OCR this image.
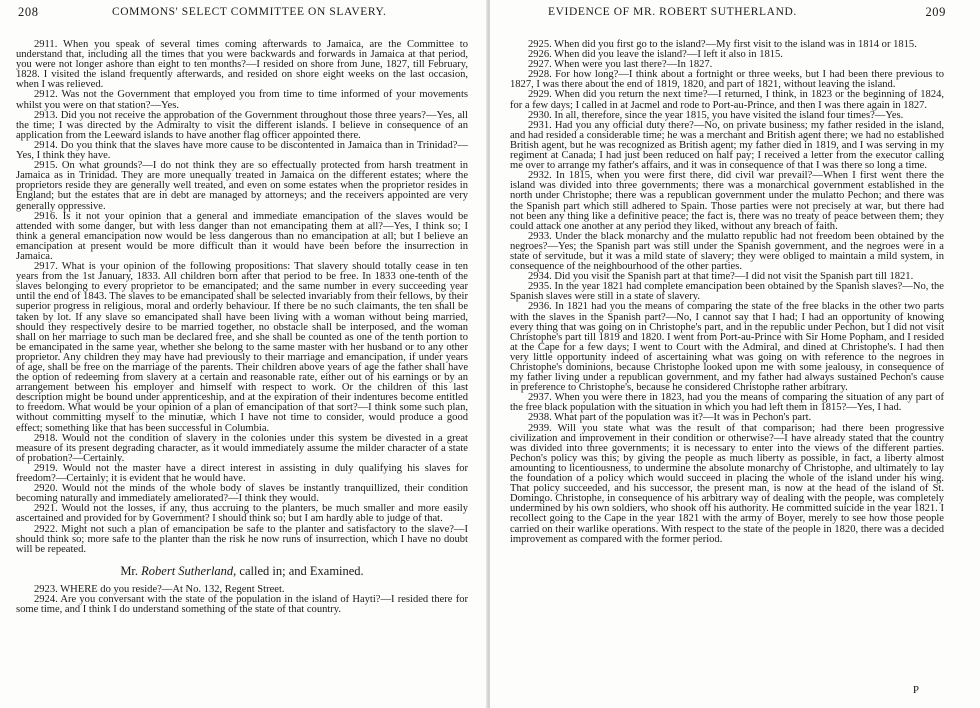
208	COMMONS' SELECT COMMITTEE ON SLAVERY.

2911. When you speak of several times coming afterwards to Jamaica, are the Committee to understand that, including all the times that you were backwards and forwards in Jamaica at that period, you were not longer ashore than eight to ten months?—I resided on shore from June, 1827, till February, 1828. I visited the island frequently afterwards, and resided on shore eight weeks on the last occasion, when I was relieved.

2912. Was not the Government that employed you from time to time informed of your movements whilst you were on that station?—Yes.

2913. Did you not receive the approbation of the Government throughout those three years?—Yes, all the time; I was directed by the Admiralty to visit the different islands. I believe in consequence of an application from the Leeward islands to have another flag officer appointed there.

2914. Do you think that the slaves have more cause to be discontented in Jamaica than in Trinidad?—Yes, I think they have.

2915. On what grounds?—I do not think they are so effectually protected from harsh treatment in Jamaica as in Trinidad. They are more unequally treated in Jamaica on the different estates; where the proprietors reside they are generally well treated, and even on some estates when the proprietor resides in England; but the estates that are in debt are managed by attorneys; and the receivers appointed are very generally oppressive.

2916. Is it not your opinion that a general and immediate emancipation of the slaves would be attended with some danger, but with less danger than not emancipating them at all?—Yes, I think so; I think a general emancipation now would be less dangerous than no emancipation at all; but I believe an emancipation at present would be more difficult than it would have been before the insurrection in Jamaica.

2917. What is your opinion of the following propositions: That slavery should totally cease in ten years from the 1st January, 1833. All children born after that period to be free. In 1833 one-tenth of the slaves belonging to every proprietor to be emancipated; and the same number in every succeeding year until the end of 1843. The slaves to be emancipated shall be selected invariably from their fellows, by their superior progress in religious, moral and orderly behaviour. If there be no such claimants, the ten shall be taken by lot. If any slave so emancipated shall have been living with a woman without being married, should they respectively desire to be married together, no obstacle shall be interposed, and the woman shall on her marriage to such man be declared free, and she shall be counted as one of the tenth portion to be emancipated in the same year, whether she belong to the same master with her husband or to any other proprietor. Any children they may have had previously to their marriage and emancipation, if under years of age, shall be free on the marriage of the parents. Their children above years of age the father shall have the option of redeeming from slavery at a certain and reasonable rate, either out of his earnings or by an arrangement between his employer and himself with respect to work. Or the children of this last description might be bound under apprenticeship, and at the expiration of their indentures become entitled to freedom. What would be your opinion of a plan of emancipation of that sort?—I think some such plan, without committing myself to the minutiæ, which I have not time to consider, would produce a good effect; something like that has been successful in Columbia.

2918. Would not the condition of slavery in the colonies under this system be divested in a great measure of its present degrading character, as it would immediately assume the milder character of a state of probation?—Certainly.

2919. Would not the master have a direct interest in assisting in duly qualifying his slaves for freedom?—Certainly; it is evident that he would have.

2920. Would not the minds of the whole body of slaves be instantly tranquillized, their condition becoming naturally and immediately ameliorated?—I think they would.

2921. Would not the losses, if any, thus accruing to the planters, be much smaller and more easily ascertained and provided for by Government? I should think so; but I am hardly able to judge of that.

2922. Might not such a plan of emancipation be safe to the planter and satisfactory to the slave?—I should think so; more safe to the planter than the risk he now runs of insurrection, which I have no doubt will be repeated.

Mr. Robert Sutherland, called in; and Examined.

2923. WHERE do you reside?—At No. 132, Regent Street.

2924. Are you conversant with the state of the population in the island of Hayti?—I resided there for some time, and I think I do understand something of the state of that country.

EVIDENCE OF MR. ROBERT SUTHERLAND.	209

2925. When did you first go to the island?—My first visit to the island was in 1814 or 1815.

2926. When did you leave the island?—I left it also in 1815.

2927. When were you last there?—In 1827.

2928. For how long?—I think about a fortnight or three weeks, but I had been there previous to 1827, I was there about the end of 1819, 1820, and part of 1821, without leaving the island.

2929. When did you return the next time?—I returned, I think, in 1823 or the beginning of 1824, for a few days; I called in at Jacmel and rode to Port-au-Prince, and then I was there again in 1827.

2930. In all, therefore, since the year 1815, you have visited the island four times?—Yes.

2931. Had you any official duty there?—No, on private business; my father resided in the island, and had resided a considerable time; he was a merchant and British agent there; we had no established British agent, but he was recognized as British agent; my father died in 1819, and I was serving in my regiment at Canada; I had just been reduced on half pay; I received a letter from the executor calling me over to arrange my father's affairs, and it was in consequence of that I was there so long a time.

2932. In 1815, when you were first there, did civil war prevail?—When I first went there the island was divided into three governments; there was a monarchical government established in the north under Christophe; there was a republican government under the mulatto Pechon; and there was the Spanish part which still adhered to Spain. Those parties were not precisely at war, but there had not been any thing like a definitive peace; the fact is, there was no treaty of peace between them; they could attack one another at any period they liked, without any breach of faith.

2933. Under the black monarchy and the mulatto republic had not freedom been obtained by the negroes?—Yes; the Spanish part was still under the Spanish government, and the negroes were in a state of servitude, but it was a mild state of slavery; they were obliged to maintain a mild system, in consequence of the neighbourhood of the other parties.

2934. Did you visit the Spanish part at that time?—I did not visit the Spanish part till 1821.

2935. In the year 1821 had complete emancipation been obtained by the Spanish slaves?—No, the Spanish slaves were still in a state of slavery.

2936. In 1821 had you the means of comparing the state of the free blacks in the other two parts with the slaves in the Spanish part?—No, I cannot say that I had; I had an opportunity of knowing every thing that was going on in Christophe's part, and in the republic under Pechon, but I did not visit Christophe's part till 1819 and 1820. I went from Port-au-Prince with Sir Home Popham, and I resided at the Cape for a few days; I went to Court with the Admiral, and dined at Christophe's. I had then very little opportunity indeed of ascertaining what was going on with reference to the negroes in Christophe's dominions, because Christophe looked upon me with some jealousy, in consequence of my father living under a republican government, and my father had always sustained Pechon's cause in preference to Christophe's, because he considered Christophe rather arbitrary.

2937. When you were there in 1823, had you the means of comparing the situation of any part of the free black population with the situation in which you had left them in 1815?—Yes, I had.

2938. What part of the population was it?—It was in Pechon's part.

2939. Will you state what was the result of that comparison; had there been progressive civilization and improvement in their condition or otherwise?—I have already stated that the country was divided into three governments; it is necessary to enter into the views of the different parties. Pechon's policy was this; by giving the people as much liberty as possible, in fact, a liberty almost amounting to licentiousness, to undermine the absolute monarchy of Christophe, and ultimately to lay the foundation of a policy which would succeed in placing the whole of the island under his wing. That policy succeeded, and his successor, the present man, is now at the head of the island of St. Domingo. Christophe, in consequence of his arbitrary way of dealing with the people, was completely undermined by his own soldiers, who shook off his authority. He committed suicide in the year 1821. I recollect going to the Cape in the year 1821 with the army of Boyer, merely to see how those people carried on their warlike operations. With respect to the state of the people in 1820, there was a decided improvement as compared with the former period.

P
